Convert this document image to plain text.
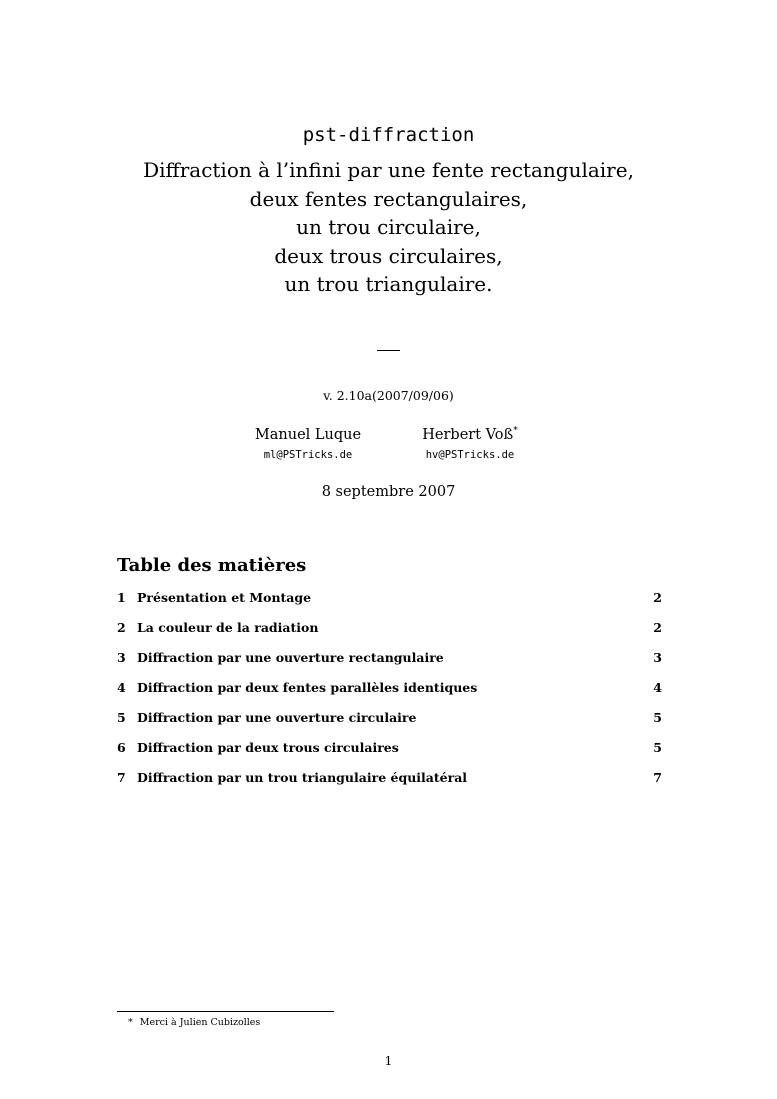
pst-diffraction
Diffraction à l’infini par une fente rectangulaire,
deux fentes rectangulaires,
un trou circulaire,
deux trous circulaires,
un trou triangulaire.
v. 2.10a(2007/09/06)
Manuel Luque
ml@PSTricks.de
Herbert Voß*
hv@PSTricks.de
8 septembre 2007
Table des matières
1 Présentation et Montage	2
2 La couleur de la radiation	2
3 Diffraction par une ouverture rectangulaire	3
4 Diffraction par deux fentes parallèles identiques	4
5 Diffraction par une ouverture circulaire	5
6 Diffraction par deux trous circulaires	5
7 Diffraction par un trou triangulaire équilatéral	7
* Merci à Julien Cubizolles
1
